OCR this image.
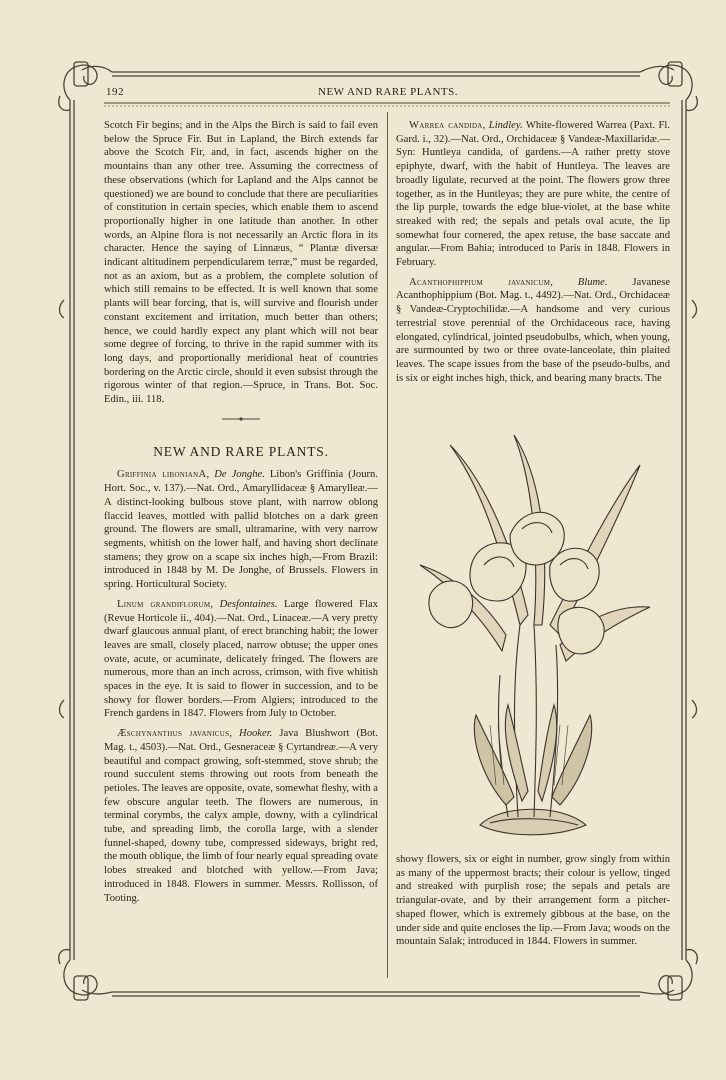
192	NEW AND RARE PLANTS.

Scotch Fir begins; and in the Alps the Birch is said to fail even below the Spruce Fir. But in Lapland, the Birch extends far above the Scotch Fir, and, in fact, ascends higher on the mountains than any other tree. Assuming the correctness of these observations (which for Lapland and the Alps cannot be questioned) we are bound to conclude that there are peculiarities of constitution in certain species, which enable them to ascend proportionally higher in one latitude than another. In other words, an Alpine flora is not necessarily an Arctic flora in its character. Hence the saying of Linnæus, “ Plantæ diversæ indicant altitudinem perpendicularem terræ,” must be regarded, not as an axiom, but as a problem, the complete solution of which still remains to be effected. It is well known that some plants will bear forcing, that is, will survive and flourish under constant excitement and irritation, much better than others; hence, we could hardly expect any plant which will not bear some degree of forcing, to thrive in the rapid summer with its long days, and proportionally meridional heat of countries bordering on the Arctic circle, should it even subsist through the rigorous winter of that region.—Spruce, in Trans. Bot. Soc. Edin., iii. 118.

NEW AND RARE PLANTS.

Griffinia libonianA, De Jonghe. Libon's Griffinia (Journ. Hort. Soc., v. 137).—Nat. Ord., Amaryllidaceæ § Amarylleæ.—A distinct-looking bulbous stove plant, with narrow oblong flaccid leaves, mottled with pallid blotches on a dark green ground. The flowers are small, ultramarine, with very narrow segments, whitish on the lower half, and having short declinate stamens; they grow on a scape six inches high,—From Brazil: introduced in 1848 by M. De Jonghe, of Brussels. Flowers in spring. Horticultural Society.

Linum grandiflorum, Desfontaines. Large flowered Flax (Revue Horticole ii., 404).—Nat. Ord., Linaceæ.—A very pretty dwarf glaucous annual plant, of erect branching habit; the lower leaves are small, closely placed, narrow obtuse; the upper ones ovate, acute, or acuminate, delicately fringed. The flowers are numerous, more than an inch across, crimson, with five whitish spaces in the eye. It is said to flower in succession, and to be showy for flower borders.—From Algiers; introduced to the French gardens in 1847. Flowers from July to October.

Æschynanthus javanicus, Hooker. Java Blushwort (Bot. Mag. t., 4503).—Nat. Ord., Gesneraceæ § Cyrtandreæ.—A very beautiful and compact growing, soft-stemmed, stove shrub; the round succulent stems throwing out roots from beneath the petioles. The leaves are opposite, ovate, somewhat fleshy, with a few obscure angular teeth. The flowers are numerous, in terminal corymbs, the calyx ample, downy, with a cylindrical tube, and spreading limb, the corolla large, with a slender funnel-shaped, downy tube, compressed sideways, bright red, the mouth oblique, the limb of four nearly equal spreading ovate lobes streaked and blotched with yellow.—From Java; introduced in 1848. Flowers in summer. Messrs. Rollisson, of Tooting.

Warrea candida, Lindley. White-flowered Warrea (Paxt. Fl. Gard. i., 32).—Nat. Ord., Orchidaceæ § Vandeæ-Maxillaridæ.—Syn: Huntleya candida, of gardens.—A rather pretty stove epiphyte, dwarf, with the habit of Huntleya. The leaves are broadly ligulate, recurved at the point. The flowers grow three together, as in the Huntleyas; they are pure white, the centre of the lip purple, towards the edge blue-violet, at the base white streaked with red; the sepals and petals oval acute, the lip somewhat four cornered, the apex retuse, the base saccate and angular.—From Bahia; introduced to Paris in 1848. Flowers in February.

Acanthophippium javanicum, Blume. Javanese Acanthophippium (Bot. Mag. t., 4492).—Nat. Ord., Orchidaceæ § Vandeæ-Cryptochilidæ.—A handsome and very curious terrestrial stove perennial of the Orchidaceous race, having elongated, cylindrical, jointed pseudobulbs, which, when young, are surmounted by two or three ovate-lanceolate, thin plaited leaves. The scape issues from the base of the pseudo-bulbs, and is six or eight inches high, thick, and bearing many bracts. The

showy flowers, six or eight in number, grow singly from within as many of the uppermost bracts; their colour is yellow, tinged and streaked with purplish rose; the sepals and petals are triangular-ovate, and by their arrangement form a pitcher-shaped flower, which is extremely gibbous at the base, on the under side and quite encloses the lip.—From Java; woods on the mountain Salak; introduced in 1844. Flowers in summer.
